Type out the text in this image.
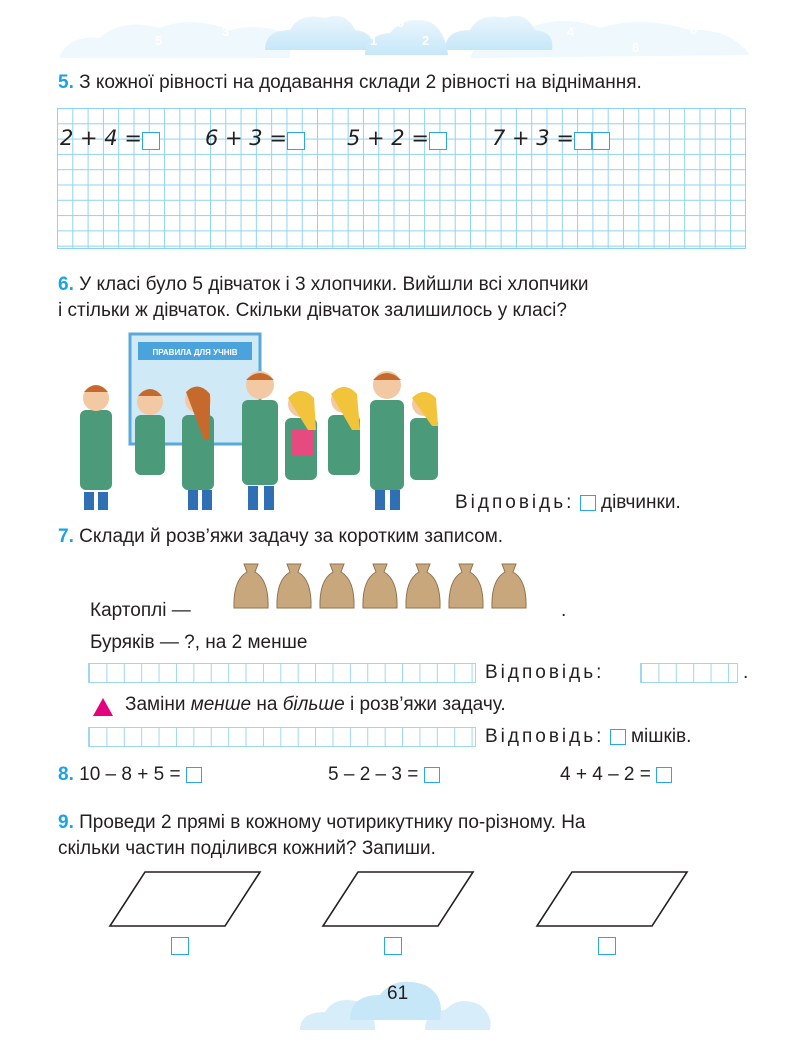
7
5
3
1
0
2
4
6
8
5. З кожної рівності на додавання склади 2 рівності на віднімання.
2 + 4 =	6 + 3 =	5 + 2 =	7 + 3 =
6. У класі було 5 дівчаток і 3 хлопчики. Вийшли всі хлопчики
і стільки ж дівчаток. Скільки дівчаток залишилось у класі?
ПРАВИЛА ДЛЯ УЧНІВ
Відповідь: дівчинки.
7. Склади й розв’яжи задачу за коротким записом.
Картоплі —	.
Буряків — ?, на 2 менше
Відповідь:	.
Заміни менше на більше і розв’яжи задачу.
Відповідь: мішків.
8. 10 – 8 + 5 =	5 – 2 – 3 =	4 + 4 – 2 =
9. Проведи 2 прямі в кожному чотирикутнику по-різному. На
скільки частин поділився кожний? Запиши.
61
